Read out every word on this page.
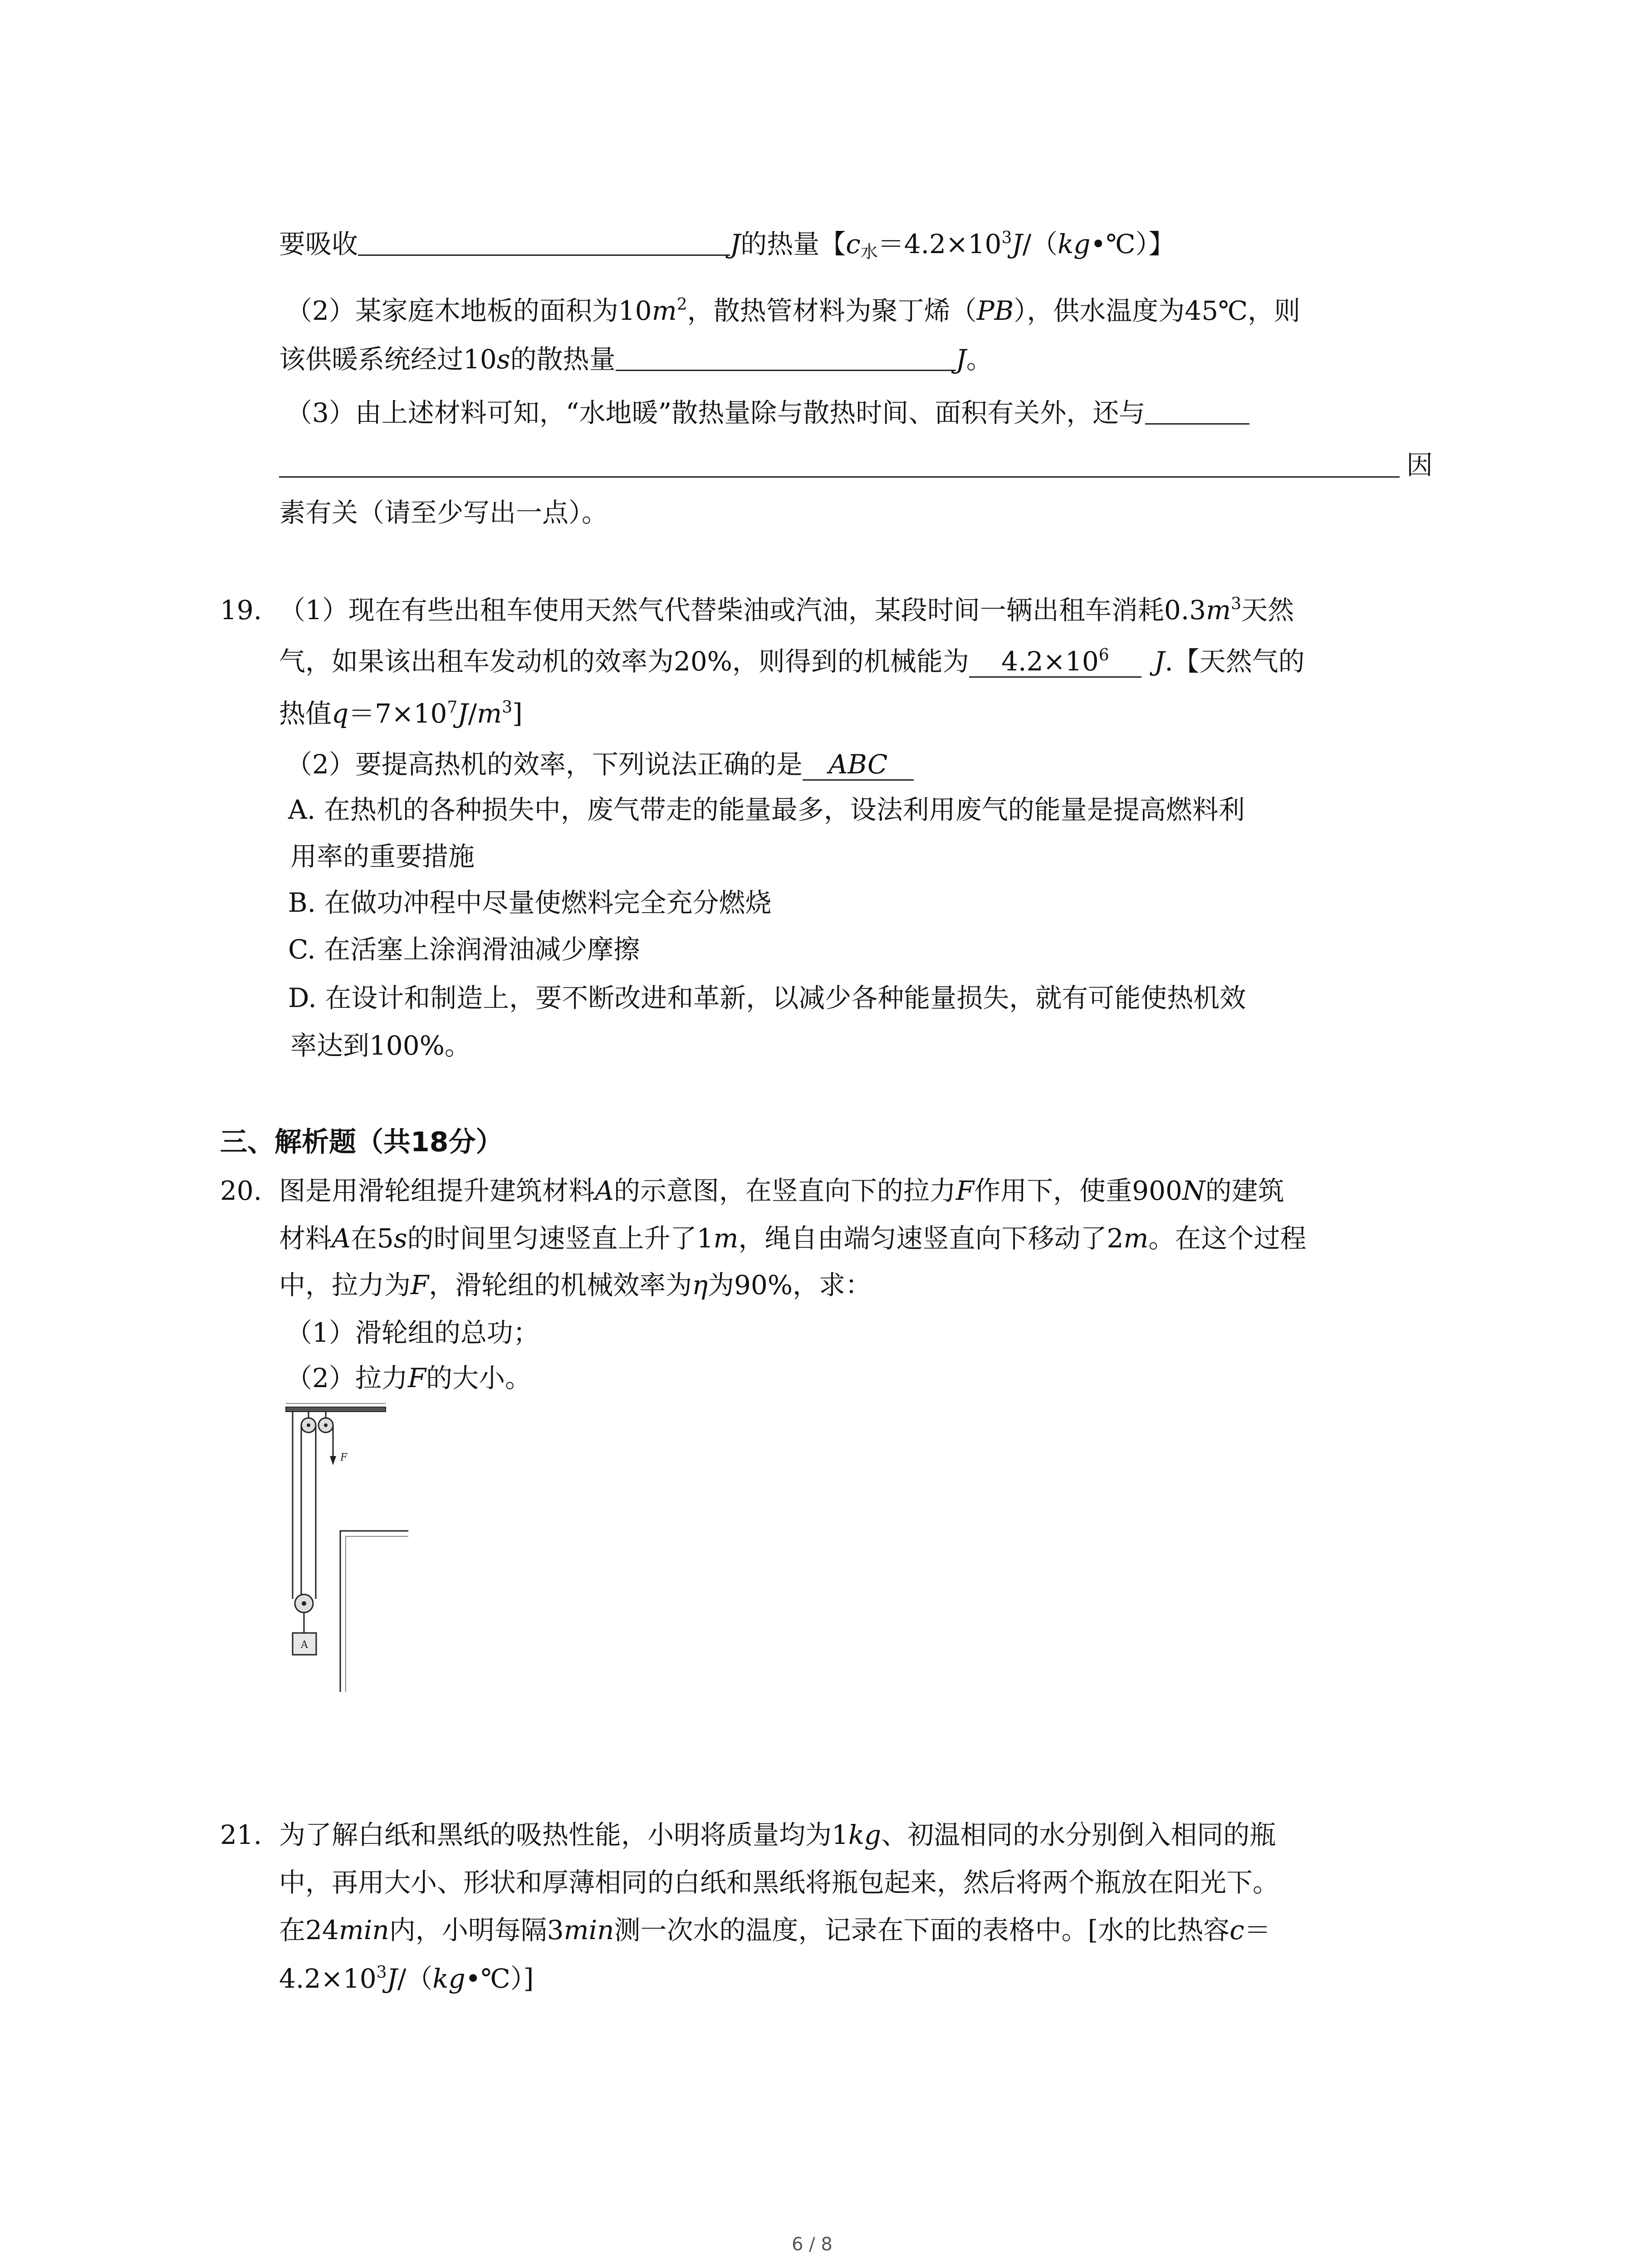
要吸收	J的热量【$c_水=4.2\times 10^3J/(kg•℃)$】
（2）某家庭木地板的面积为$10m^2$，散热管材料为聚丁烯（PB），供水温度为45℃，则
该供暖系统经过10s的散热量	J。
（3）由上述材料可知，“水地暖”散热量除与散热时间、面积有关外，还与
因
素有关（请至少写出一点）。
19. （1）现在有些出租车使用天然气代替柴油或汽油，某段时间一辆出租车消耗$0.3m^3$天然
气，如果该出租车发动机的效率为20%，则得到的机械能为 $4.2\times 10^6$ J.【天然气的
热值$q=7\times 10^7J/m^3$]
（2）要提高热机的效率，下列说法正确的是 ABC
A. 在热机的各种损失中，废气带走的能量最多，设法利用废气的能量是提高燃料利
用率的重要措施
B. 在做功冲程中尽量使燃料完全充分燃烧
C. 在活塞上涂润滑油减少摩擦
D. 在设计和制造上，要不断改进和革新，以减少各种能量损失，就有可能使热机效
率达到100%。
三、解析题（共18分）
20. 图是用滑轮组提升建筑材料A的示意图，在竖直向下的拉力F作用下，使重900N的建筑
材料A在5s的时间里匀速竖直上升了1m，绳自由端匀速竖直向下移动了2m。在这个过程
中，拉力为F，滑轮组的机械效率为η为90%，求：
（1）滑轮组的总功；
（2）拉力F的大小。
F
A
21. 为了解白纸和黑纸的吸热性能，小明将质量均为1kg、初温相同的水分别倒入相同的瓶
中，再用大小、形状和厚薄相同的白纸和黑纸将瓶包起来，然后将两个瓶放在阳光下。
在24min内，小明每隔3min测一次水的温度，记录在下面的表格中。[水的比热容c＝
$4.2\times 10^3J/(kg•℃)$]
6 / 8
